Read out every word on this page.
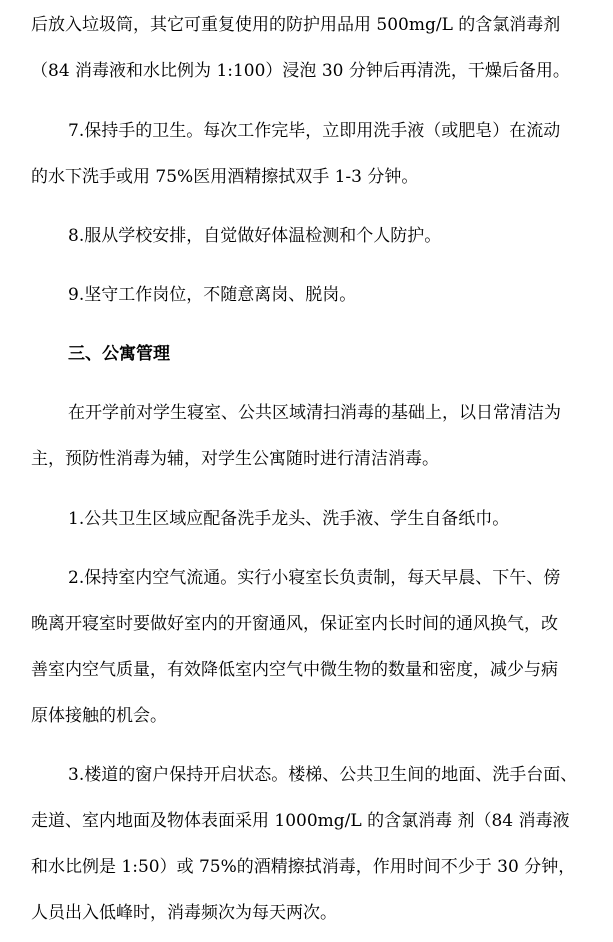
后放入垃圾筒，其它可重复使用的防护用品用 500mg/L 的含氯消毒剂
（84 消毒液和水比例为 1:100）浸泡 30 分钟后再清洗，干燥后备用。
7.保持手的卫生。每次工作完毕，立即用洗手液（或肥皂）在流动
的水下洗手或用 75%医用酒精擦拭双手 1-3 分钟。
8.服从学校安排，自觉做好体温检测和个人防护。
9.坚守工作岗位，不随意离岗、脱岗。
三、公寓管理
在开学前对学生寝室、公共区域清扫消毒的基础上，以日常清洁为
主，预防性消毒为辅，对学生公寓随时进行清洁消毒。
1.公共卫生区域应配备洗手龙头、洗手液、学生自备纸巾。
2.保持室内空气流通。实行小寝室长负责制，每天早晨、下午、傍
晚离开寝室时要做好室内的开窗通风，保证室内长时间的通风换气，改
善室内空气质量，有效降低室内空气中微生物的数量和密度，减少与病
原体接触的机会。
3.楼道的窗户保持开启状态。楼梯、公共卫生间的地面、洗手台面、
走道、室内地面及物体表面采用 1000mg/L 的含氯消毒 剂（84 消毒液
和水比例是 1:50）或 75%的酒精擦拭消毒，作用时间不少于 30 分钟，
人员出入低峰时，消毒频次为每天两次。
